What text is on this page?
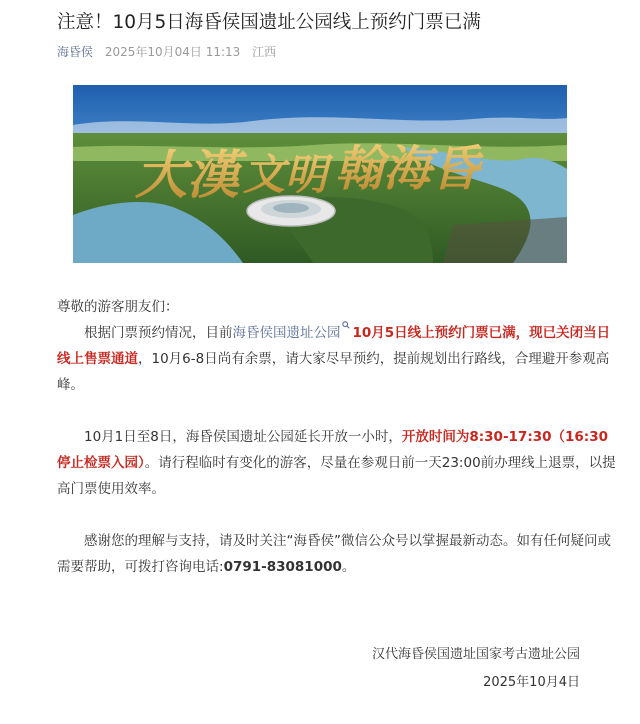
注意！10月5日海昏侯国遗址公园线上预约门票已满
海昏侯 2025年10月04日 11:13 江西
大漢 文明 翰海昏

尊敬的游客朋友们：

根据门票预约情况，目前海昏侯国遗址公园 10月5日线上预约门票已满，现已关闭当日线上售票通道，10月6-8日尚有余票，请大家尽早预约，提前规划出行路线，合理避开参观高峰。

10月1日至8日，海昏侯国遗址公园延长开放一小时，开放时间为8:30-17:30（16:30停止检票入园）。请行程临时有变化的游客，尽量在参观日前一天23:00前办理线上退票，以提高门票使用效率。

感谢您的理解与支持，请及时关注“海昏侯”微信公众号以掌握最新动态。如有任何疑问或需要帮助，可拨打咨询电话:0791-83081000。

汉代海昏侯国遗址国家考古遗址公园
2025年10月4日
